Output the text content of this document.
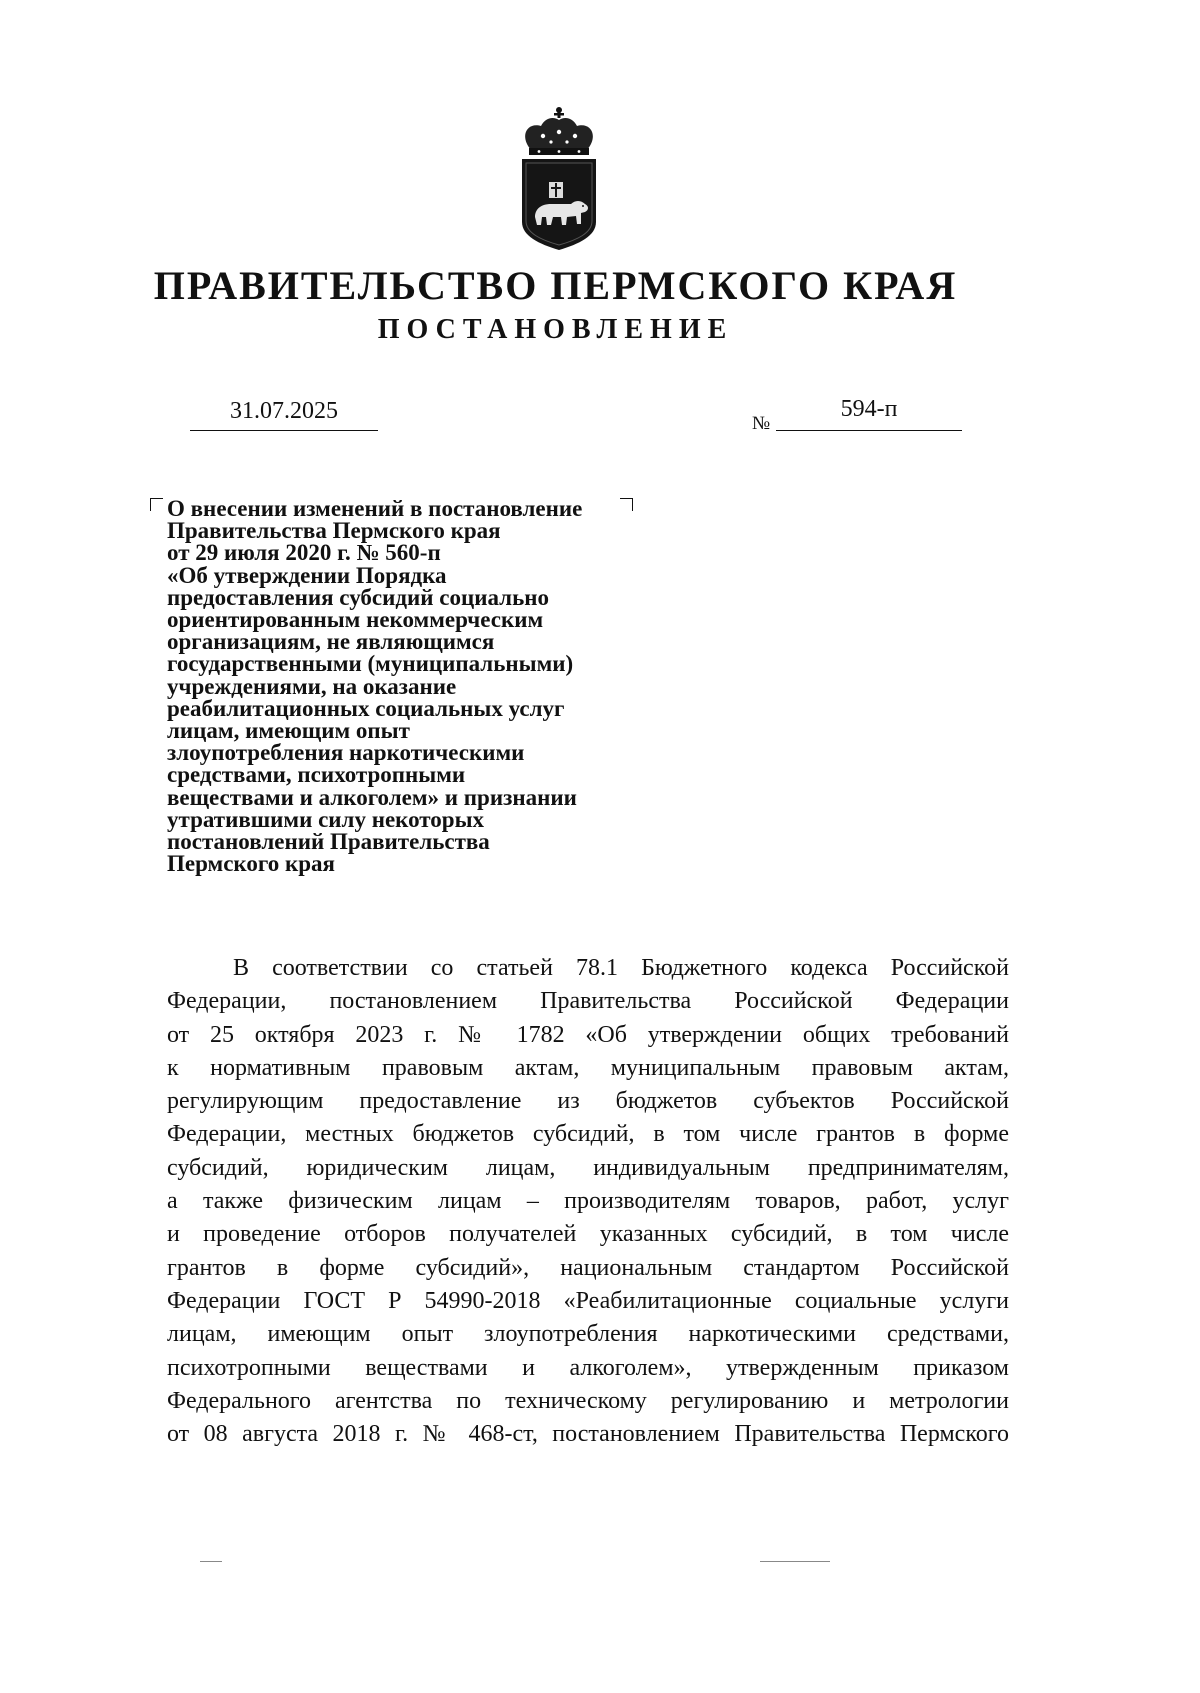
ПРАВИТЕЛЬСТВО ПЕРМСКОГО КРАЯ
ПОСТАНОВЛЕНИЕ
31.07.2025	№
594-п

О внесении изменений в постановление
Правительства Пермского края
от 29 июля 2020 г. № 560-п
«Об утверждении Порядка
предоставления субсидий социально
ориентированным некоммерческим
организациям, не являющимся
государственными (муниципальными)
учреждениями, на оказание
реабилитационных социальных услуг
лицам, имеющим опыт
злоупотребления наркотическими
средствами, психотропными
веществами и алкоголем» и признании
утратившими силу некоторых
постановлений Правительства
Пермского края

В соответствии со статьей 78.1 Бюджетного кодекса Российской
Федерации, постановлением Правительства Российской Федерации
от 25 октября 2023 г. № 1782 «Об утверждении общих требований
к нормативным правовым актам, муниципальным правовым актам,
регулирующим предоставление из бюджетов субъектов Российской
Федерации, местных бюджетов субсидий, в том числе грантов в форме
субсидий, юридическим лицам, индивидуальным предпринимателям,
а также физическим лицам – производителям товаров, работ, услуг
и проведение отборов получателей указанных субсидий, в том числе
грантов в форме субсидий», национальным стандартом Российской
Федерации ГОСТ Р 54990-2018 «Реабилитационные социальные услуги
лицам, имеющим опыт злоупотребления наркотическими средствами,
психотропными веществами и алкоголем», утвержденным приказом
Федерального агентства по техническому регулированию и метрологии
от 08 августа 2018 г. № 468-ст, постановлением Правительства Пермского
